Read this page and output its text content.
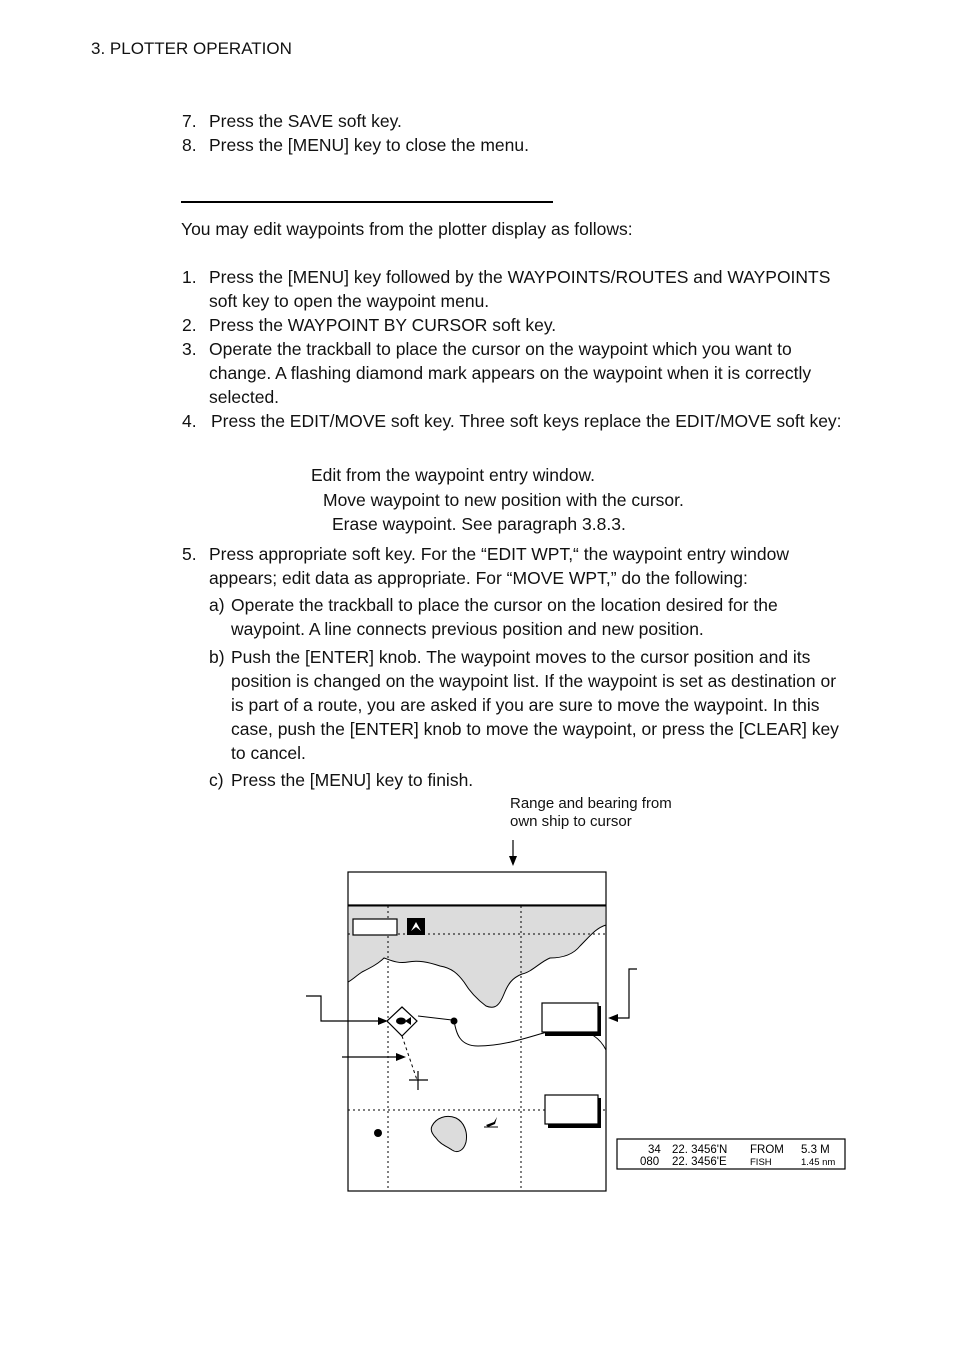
3. PLOTTER OPERATION
7. Press the SAVE soft key.
8. Press the [MENU] key to close the menu.
You may edit waypoints from the plotter display as follows:
1. Press the [MENU] key followed by the WAYPOINTS/ROUTES and WAYPOINTS soft key to open the waypoint menu.
2. Press the WAYPOINT BY CURSOR soft key.
3. Operate the trackball to place the cursor on the waypoint which you want to change. A flashing diamond mark appears on the waypoint when it is correctly selected.
4. Press the EDIT/MOVE soft key. Three soft keys replace the EDIT/MOVE soft key:
Edit from the waypoint entry window.
Move waypoint to new position with the cursor.
Erase waypoint. See paragraph 3.8.3.
5. Press appropriate soft key. For the “EDIT WPT,“ the waypoint entry window appears; edit data as appropriate. For “MOVE WPT,” do the following:
a) Operate the trackball to place the cursor on the location desired for the waypoint. A line connects previous position and new position.
b) Push the [ENTER] knob. The waypoint moves to the cursor position and its position is changed on the waypoint list. If the waypoint is set as destination or is part of a route, you are asked if you are sure to move the waypoint. In this case, push the [ENTER] knob to move the waypoint, or press the [CLEAR] key to cancel.
c) Press the [MENU] key to finish.
Range and bearing from
own ship to cursor
34 22. 3456'N FROM 5.3 M
080 22. 3456'E FISH	1.45 nm
